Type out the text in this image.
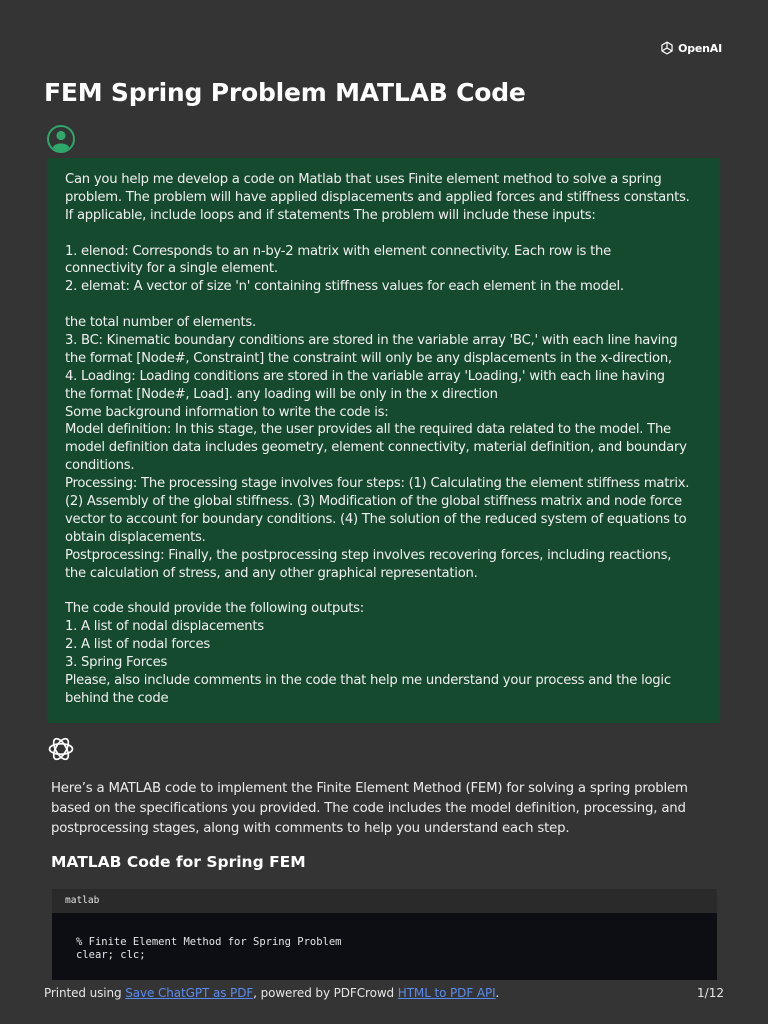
OpenAI
FEM Spring Problem MATLAB Code
Can you help me develop a code on Matlab that uses Finite element method to solve a spring
problem. The problem will have applied displacements and applied forces and stiffness constants.
If applicable, include loops and if statements The problem will include these inputs:
1. elenod: Corresponds to an n-by-2 matrix with element connectivity. Each row is the
connectivity for a single element.
2. elemat: A vector of size 'n' containing stiffness values for each element in the model.
the total number of elements.
3. BC: Kinematic boundary conditions are stored in the variable array 'BC,' with each line having
the format [Node#, Constraint] the constraint will only be any displacements in the x-direction,
4. Loading: Loading conditions are stored in the variable array 'Loading,' with each line having
the format [Node#, Load]. any loading will be only in the x direction
Some background information to write the code is:
Model definition: In this stage, the user provides all the required data related to the model. The
model definition data includes geometry, element connectivity, material definition, and boundary
conditions.
Processing: The processing stage involves four steps: (1) Calculating the element stiffness matrix.
(2) Assembly of the global stiffness. (3) Modification of the global stiffness matrix and node force
vector to account for boundary conditions. (4) The solution of the reduced system of equations to
obtain displacements.
Postprocessing: Finally, the postprocessing step involves recovering forces, including reactions,
the calculation of stress, and any other graphical representation.
The code should provide the following outputs:
1. A list of nodal displacements
2. A list of nodal forces
3. Spring Forces
Please, also include comments in the code that help me understand your process and the logic
behind the code
Here’s a MATLAB code to implement the Finite Element Method (FEM) for solving a spring problem
based on the specifications you provided. The code includes the model definition, processing, and
postprocessing stages, along with comments to help you understand each step.
MATLAB Code for Spring FEM
matlab
% Finite Element Method for Spring Problem
clear; clc;
Printed using Save ChatGPT as PDF, powered by PDFCrowd HTML to PDF API.	1/12
